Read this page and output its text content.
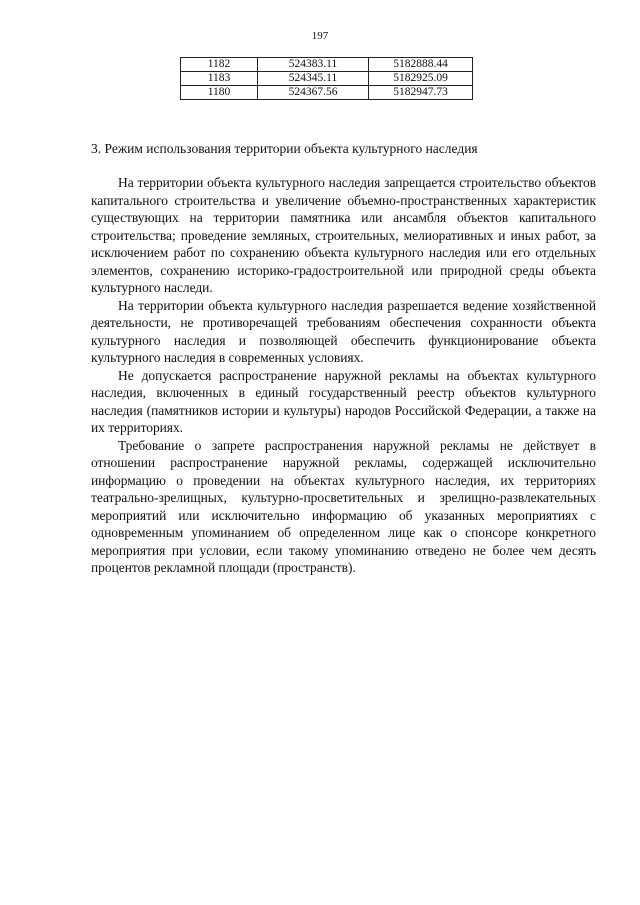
197
1182	524383.11	5182888.44
1183	524345.11	5182925.09
1180	524367.56	5182947.73
3. Режим использования территории объекта культурного наследия

На территории объекта культурного наследия запрещается строительство объектов капитального строительства и увеличение объемно-пространственных характеристик существующих на территории памятника или ансамбля объектов капитального строительства; проведение земляных, строительных, мелиоративных и иных работ, за исключением работ по сохранению объекта культурного наследия или его отдельных элементов, сохранению историко-градостроительной или природной среды объекта культурного наследи.

На территории объекта культурного наследия разрешается ведение хозяйственной деятельности, не противоречащей требованиям обеспечения сохранности объекта культурного наследия и позволяющей обеспечить функционирование объекта культурного наследия в современных условиях.

Не допускается распространение наружной рекламы на объектах культурного наследия, включенных в единый государственный реестр объектов культурного наследия (памятников истории и культуры) народов Российской Федерации, а также на их территориях.

Требование о запрете распространения наружной рекламы не действует в отношении распространение наружной рекламы, содержащей исключительно информацию о проведении на объектах культурного наследия, их территориях театрально-зрелищных, культурно-просветительных и зрелищно-развлекательных мероприятий или исключительно информацию об указанных мероприятиях с одновременным упоминанием об определенном лице как о спонсоре конкретного мероприятия при условии, если такому упоминанию отведено не более чем десять процентов рекламной площади (пространств).
